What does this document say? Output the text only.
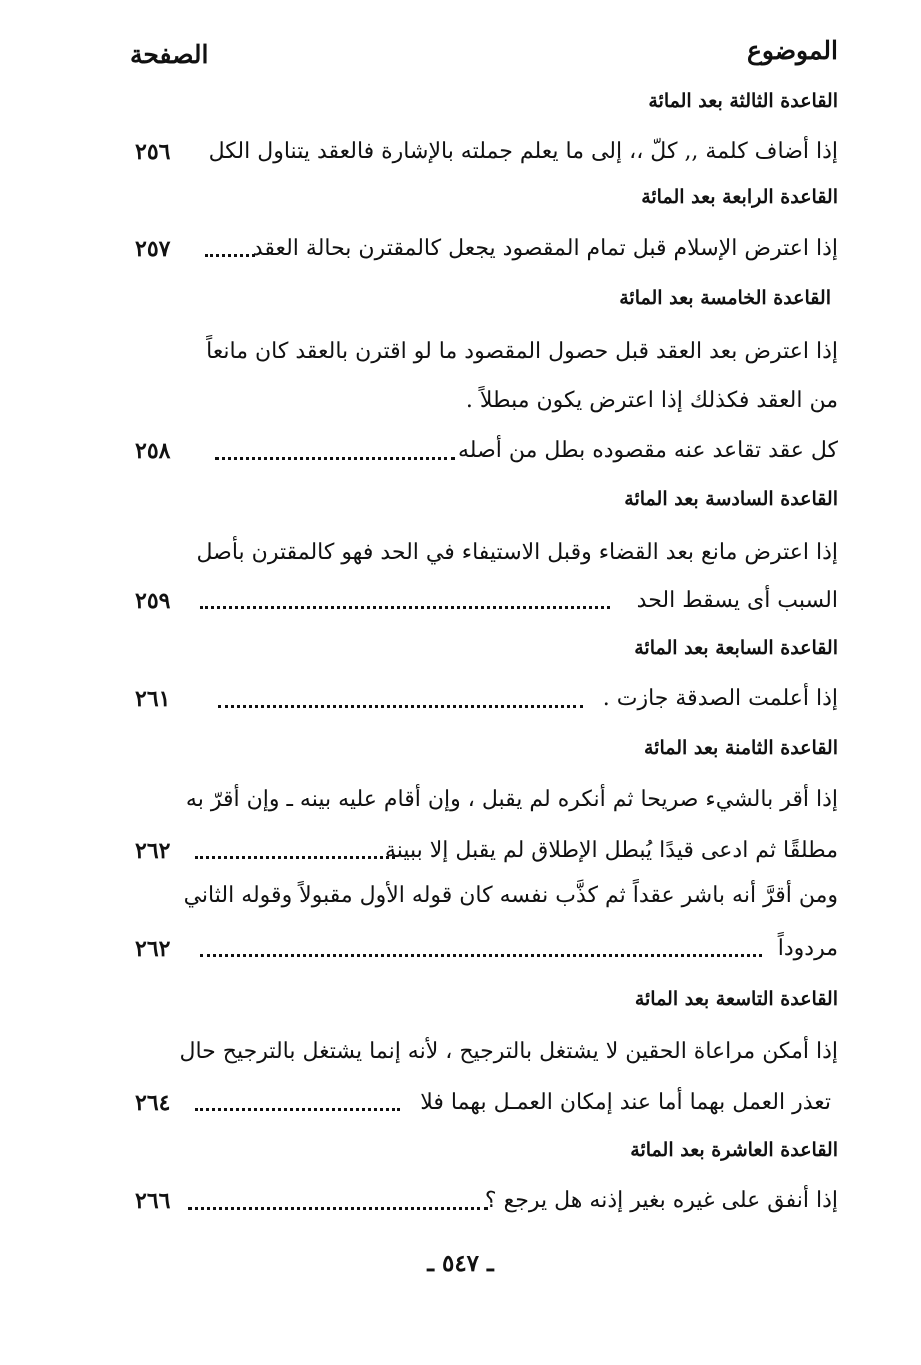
الموضوع
الصفحة
القاعدة الثالثة بعد المائة
إذا أضاف كلمة ,, كلّ ،، إلى ما يعلم جملته بالإشارة فالعقد يتناول الكل
٢٥٦
القاعدة الرابعة بعد المائة
إذا اعترض الإسلام قبل تمام المقصود يجعل كالمقترن بحالة العقد
٢٥٧
القاعدة الخامسة بعد المائة
إذا اعترض بعد العقد قبل حصول المقصود ما لو اقترن بالعقد كان مانعاً
من العقد فكذلك إذا اعترض يكون مبطلاً .
كل عقد تقاعد عنه مقصوده بطل من أصله
٢٥٨
القاعدة السادسة بعد المائة
إذا اعترض مانع بعد القضاء وقبل الاستيفاء في الحد فهو كالمقترن بأصل
السبب أى يسقط الحد
٢٥٩
القاعدة السابعة بعد المائة
إذا أعلمت الصدقة جازت .
٢٦١
القاعدة الثامنة بعد المائة
إذا أقر بالشيء صريحا ثم أنكره لم يقبل ، وإن أقام عليه بينه ـ وإن أقرّ به
مطلقًا ثم ادعى قيدًا يُبطل الإطلاق لم يقبل إلا ببينة
٢٦٢
ومن أقرَّ أنه باشر عقداً ثم كذَّب نفسه كان قوله الأول مقبولاً وقوله الثاني
مردوداً
٢٦٢
القاعدة التاسعة بعد المائة
إذا أمكن مراعاة الحقين لا يشتغل بالترجيح ، لأنه إنما يشتغل بالترجيح حال
تعذر العمل بهما أما عند إمكان العمـل بهما فلا
٢٦٤
القاعدة العاشرة بعد المائة
إذا أنفق على غيره بغير إذنه هل يرجع ؟
٢٦٦
ـ ٥٤٧ ـ
